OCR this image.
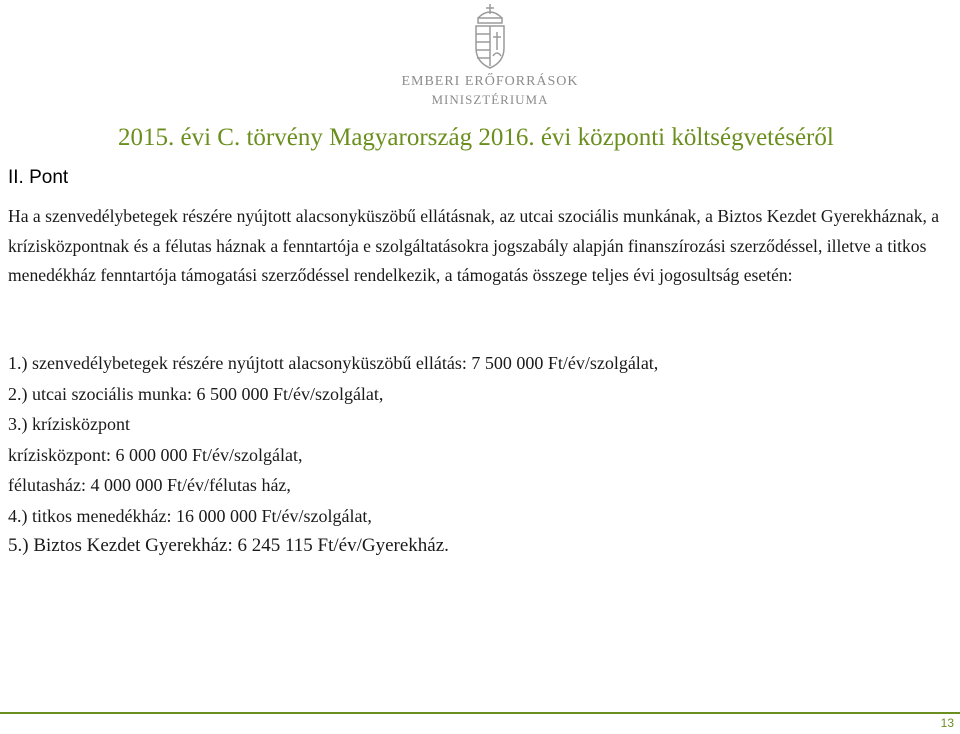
EMBERI ERŐFORRÁSOK
MINISZTÉRIUMA
2015. évi C. törvény Magyarország 2016. évi központi költségvetéséről
II. Pont
Ha a szenvedélybetegek részére nyújtott alacsonyküszöbű ellátásnak, az utcai szociális munkának, a Biztos Kezdet Gyerekháznak, a krízisközpontnak és a félutas háznak a fenntartója e szolgáltatásokra jogszabály alapján finanszírozási szerződéssel, illetve a titkos menedékház fenntartója támogatási szerződéssel rendelkezik, a támogatás összege teljes évi jogosultság esetén:
1.) szenvedélybetegek részére nyújtott alacsonyküszöbű ellátás: 7 500 000 Ft/év/szolgálat,
2.) utcai szociális munka: 6 500 000 Ft/év/szolgálat,
3.) krízisközpont
krízisközpont: 6 000 000 Ft/év/szolgálat,
félutasház: 4 000 000 Ft/év/félutas ház,
4.) titkos menedékház: 16 000 000 Ft/év/szolgálat,
5.) Biztos Kezdet Gyerekház: 6 245 115 Ft/év/Gyerekház.
13
